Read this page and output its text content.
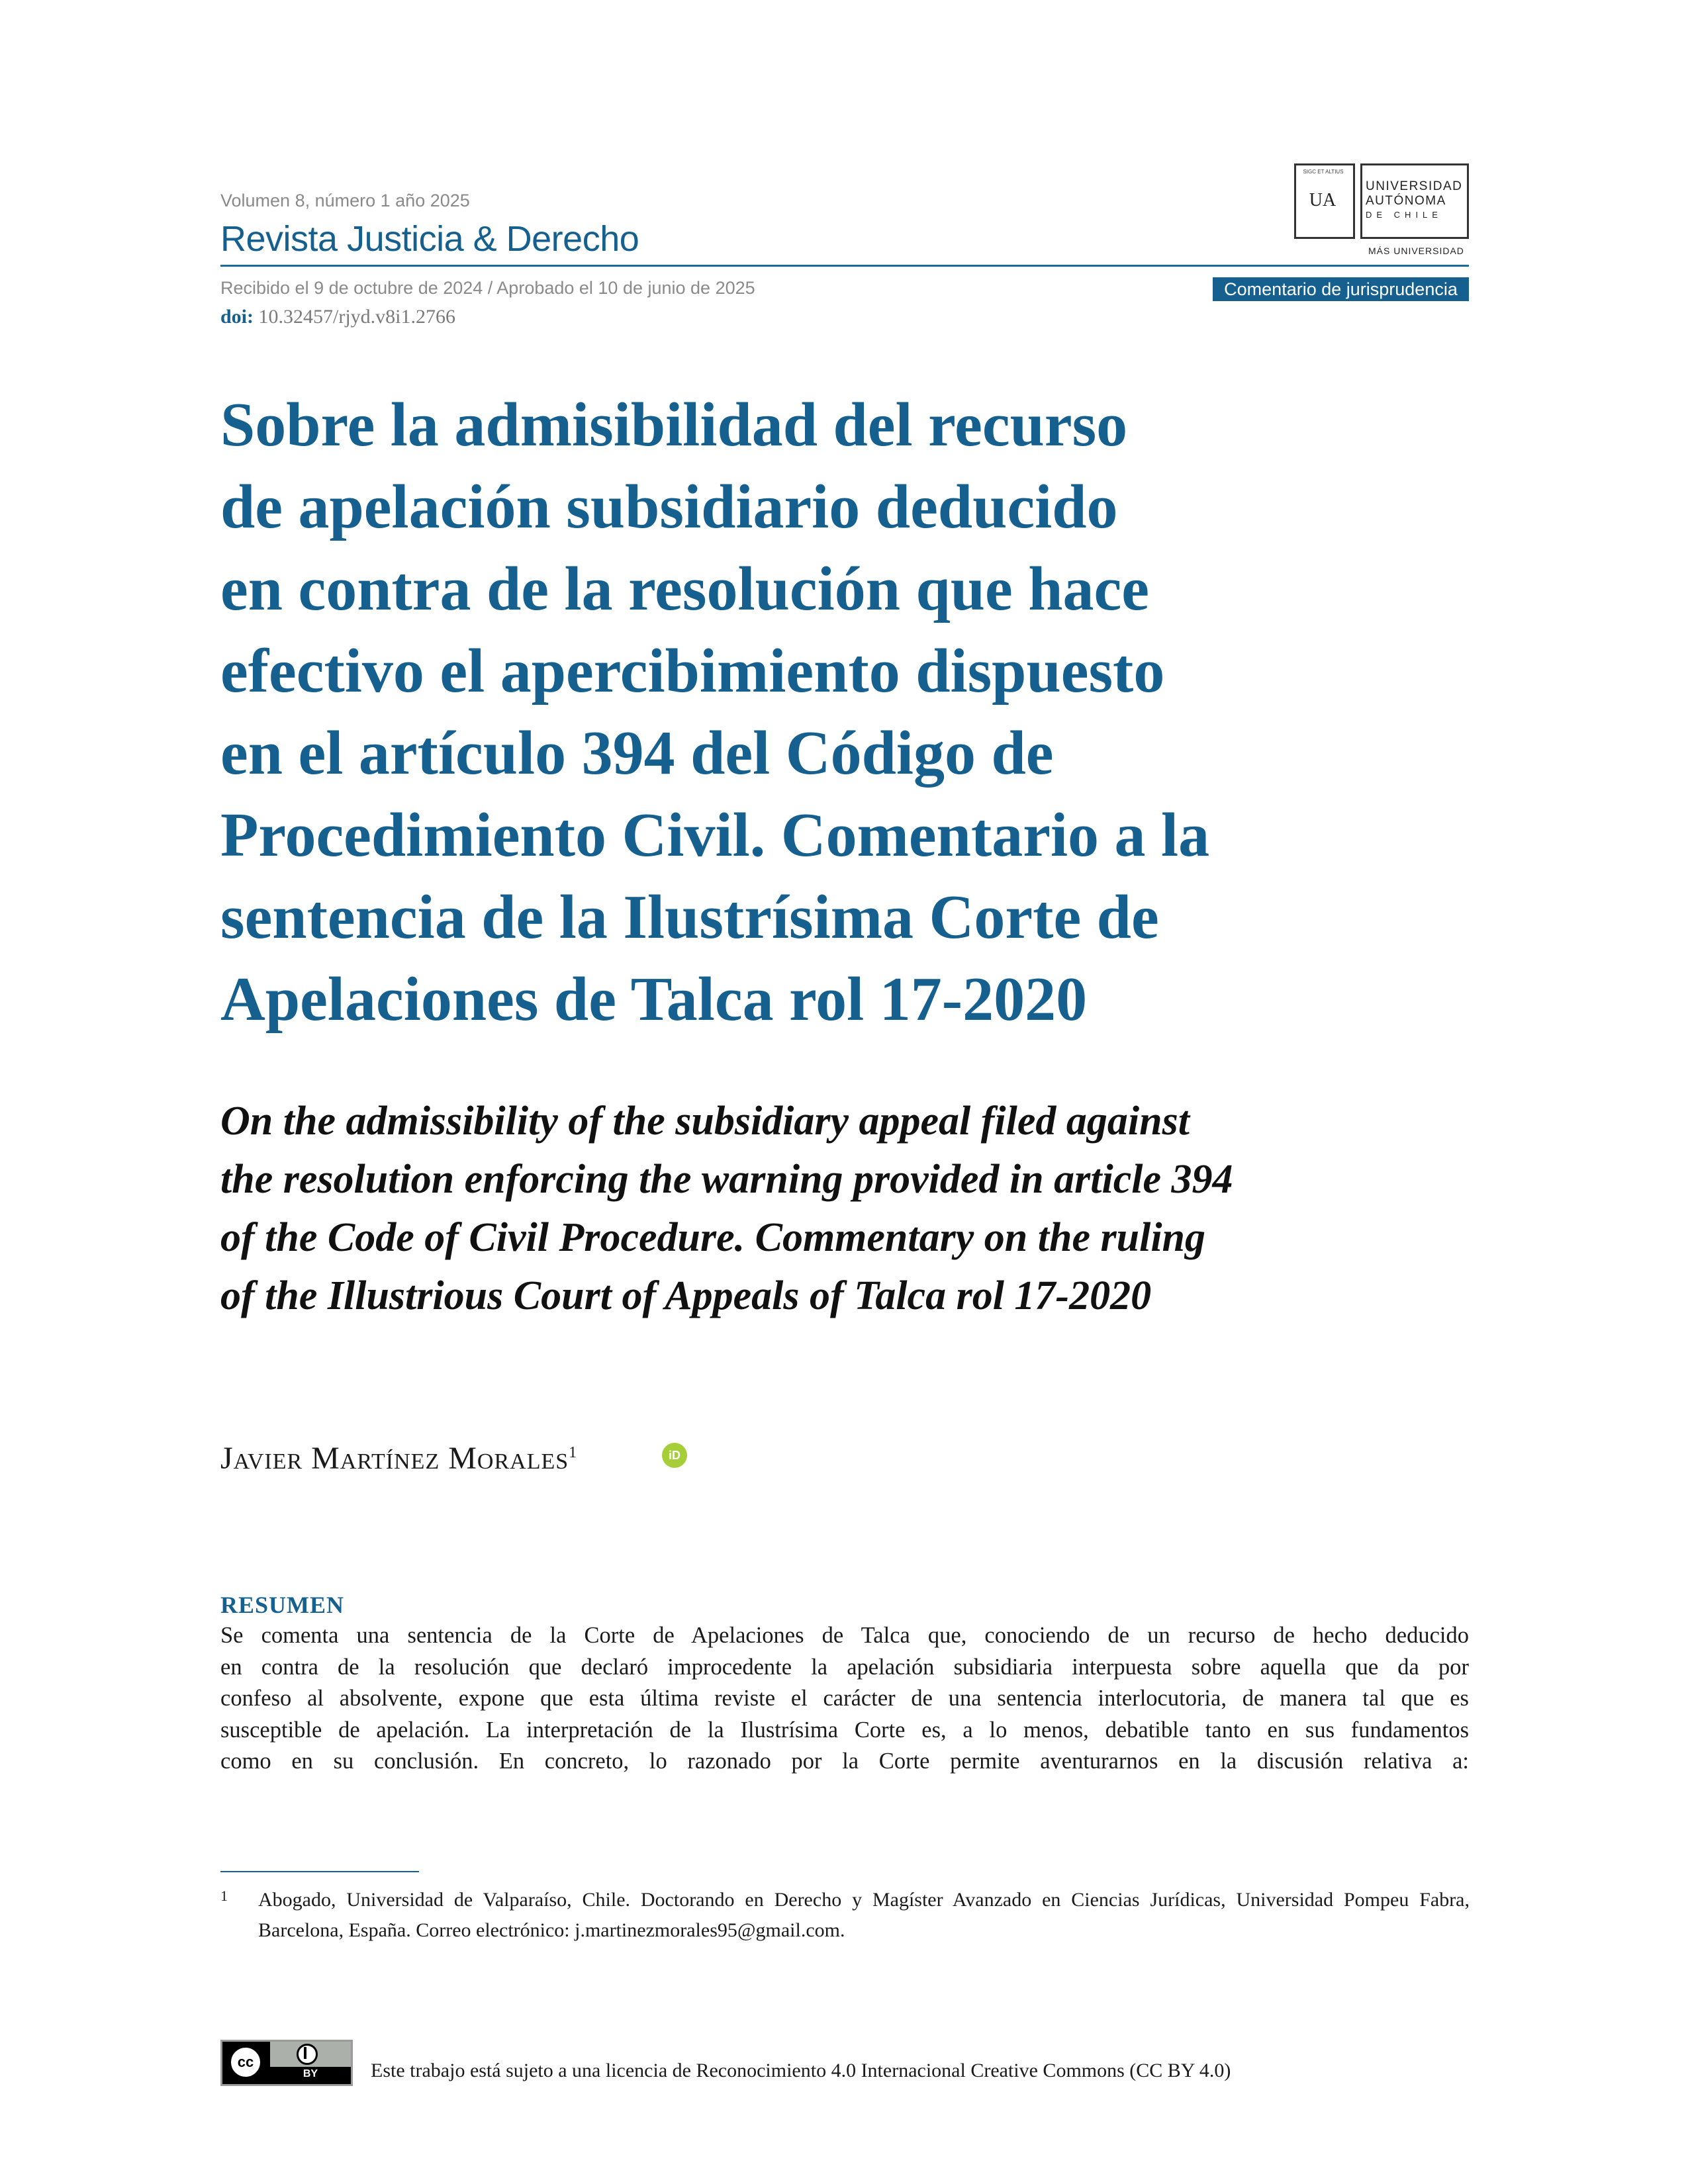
Volumen 8, número 1 año 2025
Revista Justicia & Derecho
Recibido el 9 de octubre de 2024 / Aprobado el 10 de junio de 2025
doi: 10.32457/rjyd.v8i1.2766
Comentario de jurisprudencia
SIGC ET ALTIUS
UA
UNIVERSIDAD
AUTÓNOMA
DE CHILE
MÁS UNIVERSIDAD
Sobre la admisibilidad del recurso
de apelación subsidiario deducido
en contra de la resolución que hace
efectivo el apercibimiento dispuesto
en el artículo 394 del Código de
Procedimiento Civil. Comentario a la
sentencia de la Ilustrísima Corte de
Apelaciones de Talca rol 17-2020
On the admissibility of the subsidiary appeal filed against
the resolution enforcing the warning provided in article 394
of the Code of Civil Procedure. Commentary on the ruling
of the Illustrious Court of Appeals of Talca rol 17-2020
Javier Martínez Morales$^1$	iD
RESUMEN
Se comenta una sentencia de la Corte de Apelaciones de Talca que, conociendo de un recurso de hecho deducido
en contra de la resolución que declaró improcedente la apelación subsidiaria interpuesta sobre aquella que da por
confeso al absolvente, expone que esta última reviste el carácter de una sentencia interlocutoria, de manera tal que es
susceptible de apelación. La interpretación de la Ilustrísima Corte es, a lo menos, debatible tanto en sus fundamentos
como en su conclusión. En concreto, lo razonado por la Corte permite aventurarnos en la discusión relativa a:
1 Abogado, Universidad de Valparaíso, Chile. Doctorando en Derecho y Magíster Avanzado en Ciencias Jurídicas, Universidad Pompeu Fabra,
Barcelona, España. Correo electrónico: j.martinezmorales95@gmail.com.
cc
BY	Este trabajo está sujeto a una licencia de Reconocimiento 4.0 Internacional Creative Commons (CC BY 4.0)
